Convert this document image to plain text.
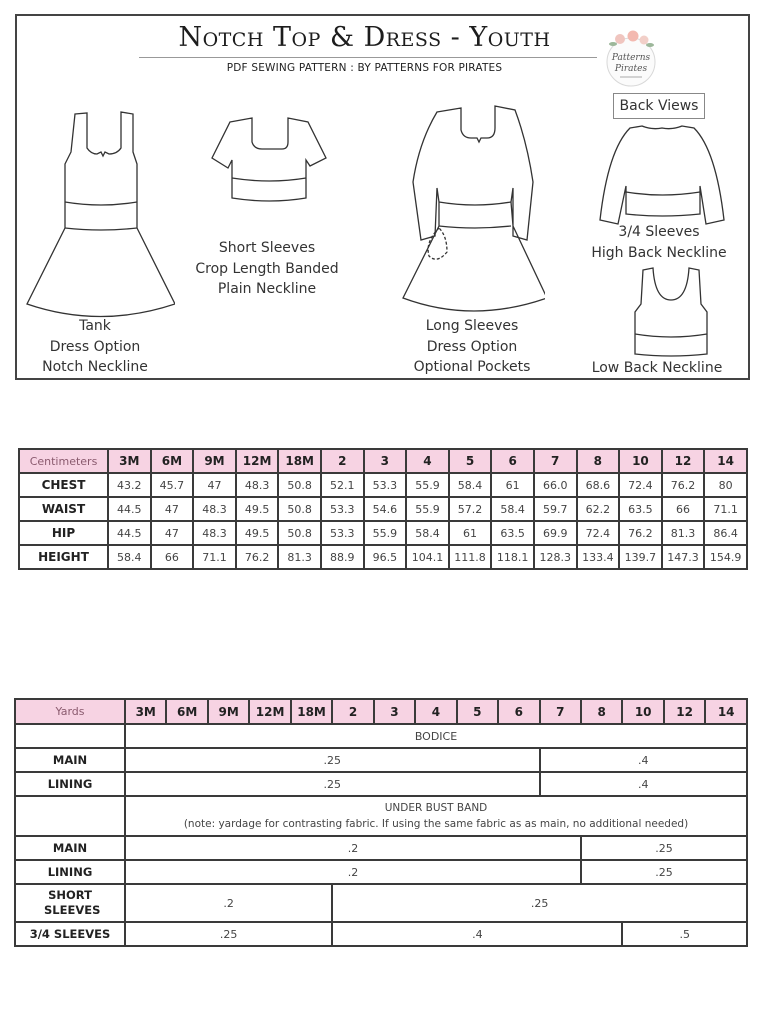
Notch Top & Dress - Youth
PDF SEWING PATTERN : BY PATTERNS FOR PIRATES
Patterns
Pirates
Back Views
Tank
Dress Option
Notch Neckline
Short Sleeves
Crop Length Banded
Plain Neckline
Long Sleeves
Dress Option
Optional Pockets
3/4 Sleeves
High Back Neckline
Low Back Neckline
Centimeters	3M	6M	9M	12M	18M	2	3	4	5	6	7	8	10	12	14
CHEST	43.2	45.7	47	48.3	50.8	52.1	53.3	55.9	58.4	61	66.0	68.6	72.4	76.2	80
WAIST	44.5	47	48.3	49.5	50.8	53.3	54.6	55.9	57.2	58.4	59.7	62.2	63.5	66	71.1
HIP	44.5	47	48.3	49.5	50.8	53.3	55.9	58.4	61	63.5	69.9	72.4	76.2	81.3	86.4
HEIGHT	58.4	66	71.1	76.2	81.3	88.9	96.5	104.1	111.8	118.1	128.3	133.4	139.7	147.3	154.9
Yards	3M	6M	9M	12M	18M	2	3	4	5	6	7	8	10	12	14
	BODICE														
MAIN	.25										.4				
LINING	.25										.4				

	UNDER BUST BAND
(note: yardage for contrasting fabric. If using the same fabric as as main, no additional needed)														

MAIN	.2											.25			
LINING	.2											.25			
SHORT SLEEVES	.2					.25									
3/4 SLEEVES	.25					.4							.5		
